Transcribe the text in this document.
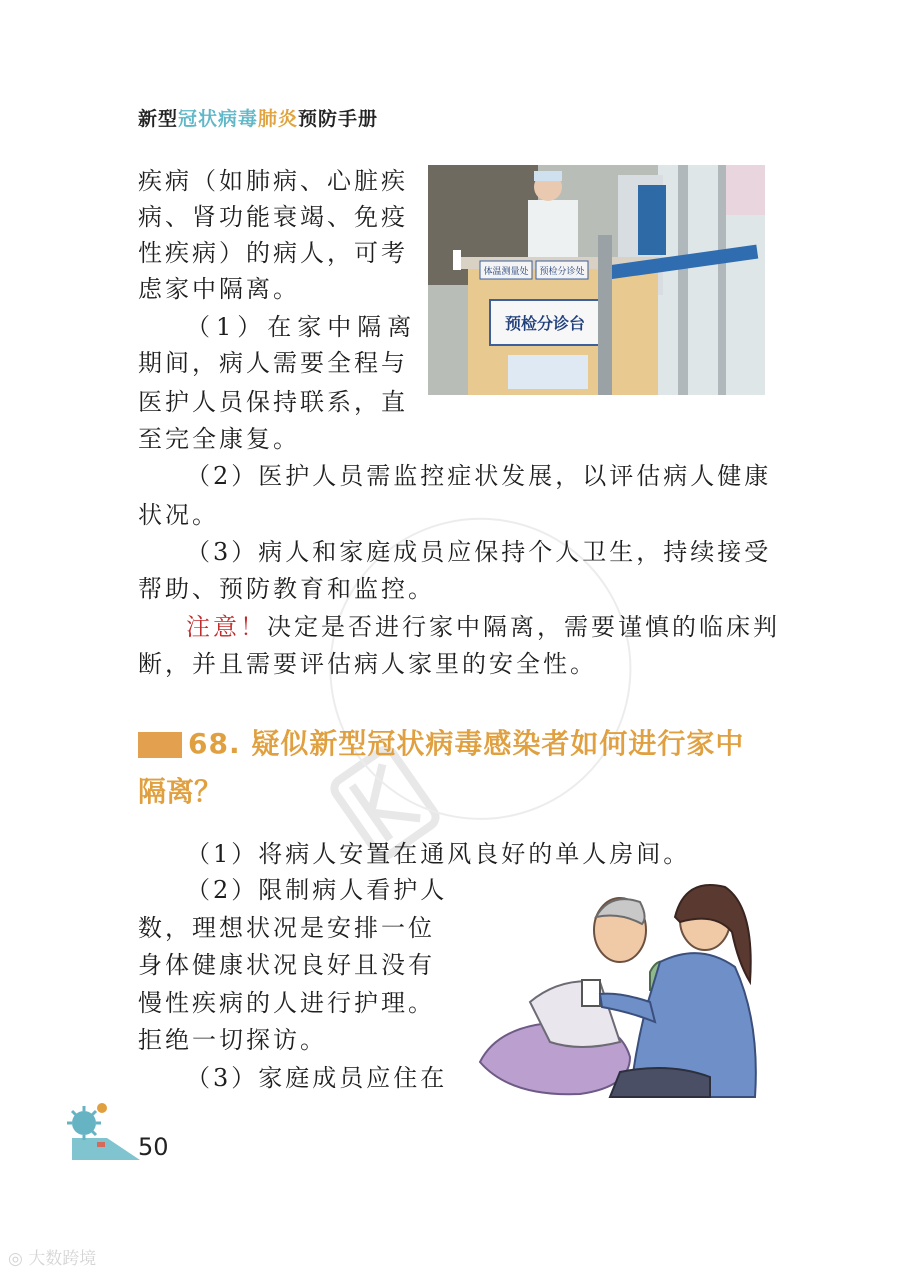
新型冠状病毒肺炎预防手册
疾病（如肺病、心脏疾
病、肾功能衰竭、免疫
性疾病）的病人，可考
虑家中隔离。
（1）在家中隔离
期间，病人需要全程与
医护人员保持联系，直
至完全康复。
（2）医护人员需监控症状发展，以评估病人健康
状况。
（3）病人和家庭成员应保持个人卫生，持续接受
帮助、预防教育和监控。
注意！决定是否进行家中隔离，需要谨慎的临床判
断，并且需要评估病人家里的安全性。
体温测量处 预检分诊处
预检分诊台
68. 疑似新型冠状病毒感染者如何进行家中
隔离？
（1）将病人安置在通风良好的单人房间。
（2）限制病人看护人
数，理想状况是安排一位
身体健康状况良好且没有
慢性疾病的人进行护理。
拒绝一切探访。
（3）家庭成员应住在
50
◎ 大数跨境
